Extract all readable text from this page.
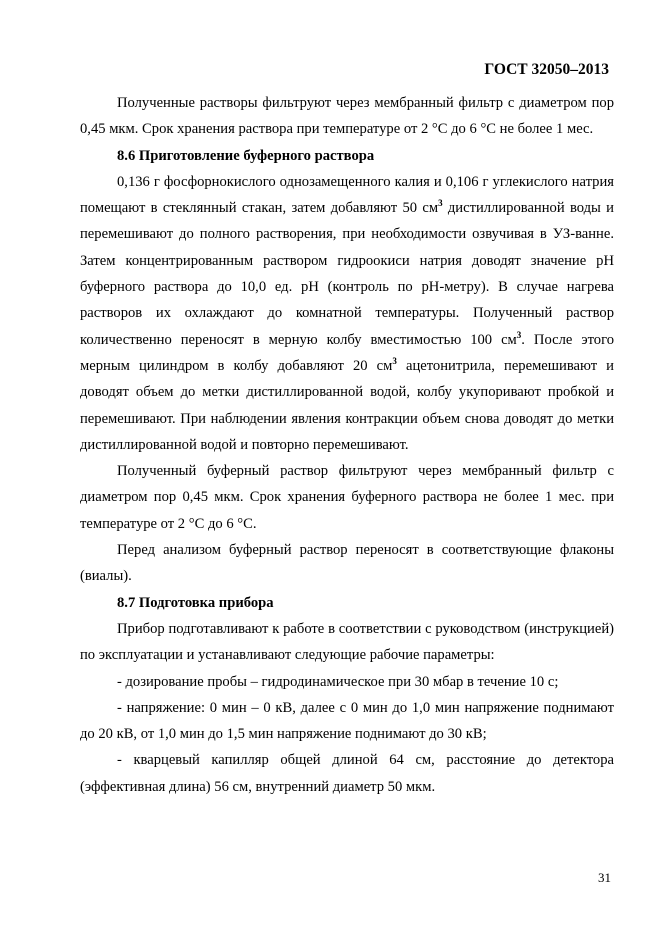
ГОСТ 32050–2013

Полученные растворы фильтруют через мембранный фильтр с диаметром пор 0,45 мкм. Срок хранения раствора при температуре от 2 °С до 6 °С не более 1 мес.

8.6 Приготовление буферного раствора

0,136 г фосфорнокислого однозамещенного калия и 0,106 г углекислого натрия помещают в стеклянный стакан, затем добавляют 50 $см^3$ дистиллированной воды и перемешивают до полного растворения, при необходимости озвучивая в УЗ-ванне. Затем концентрированным раствором гидроокиси натрия доводят значение рН буферного раствора до 10,0 ед. рН (контроль по рН-метру). В случае нагрева растворов их охлаждают до комнатной температуры. Полученный раствор количественно переносят в мерную колбу вместимостью 100 $см^3$. После этого мерным цилиндром в колбу добавляют 20 $см^3$ ацетонитрила, перемешивают и доводят объем до метки дистиллированной водой, колбу укупоривают пробкой и перемешивают. При наблюдении явления контракции объем снова доводят до метки дистиллированной водой и повторно перемешивают.

Полученный буферный раствор фильтруют через мембранный фильтр с диаметром пор 0,45 мкм. Срок хранения буферного раствора не более 1 мес. при температуре от 2 °С до 6 °С.

Перед анализом буферный раствор переносят в соответствующие флаконы (виалы).

8.7 Подготовка прибора

Прибор подготавливают к работе в соответствии с руководством (инструкцией) по эксплуатации и устанавливают следующие рабочие параметры:

- дозирование пробы – гидродинамическое при 30 мбар в течение 10 с;

- напряжение: 0 мин – 0 кВ, далее с 0 мин до 1,0 мин напряжение поднимают до 20 кВ, от 1,0 мин до 1,5 мин напряжение поднимают до 30 кВ;

- кварцевый капилляр общей длиной 64 см, расстояние до детектора (эффективная длина) 56 см, внутренний диаметр 50 мкм.

31
